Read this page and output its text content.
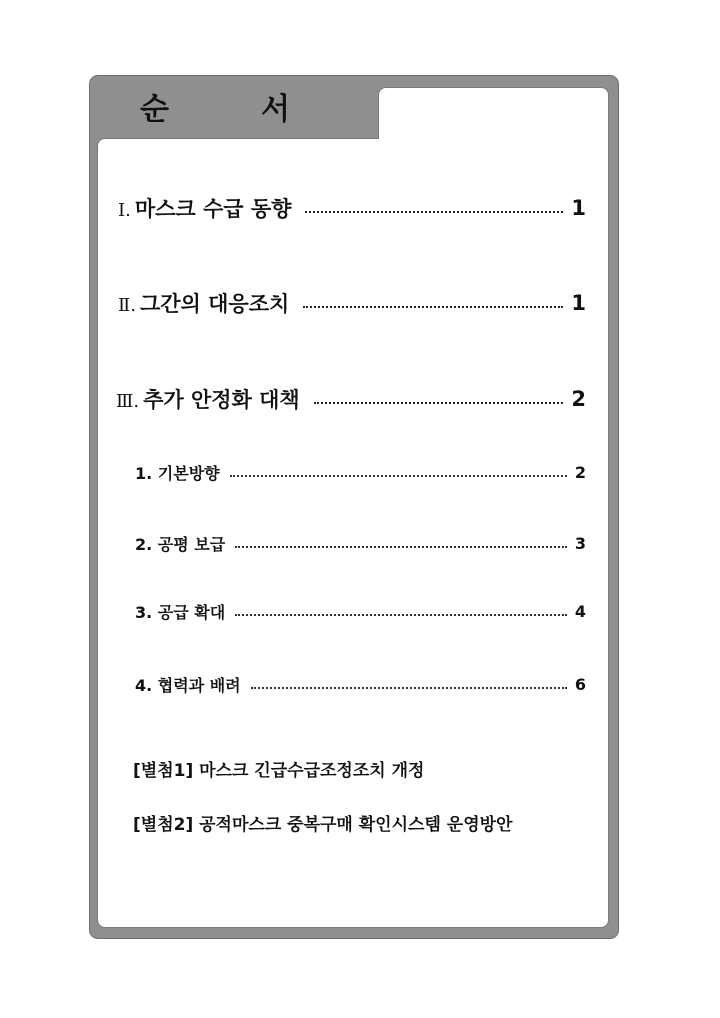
순	서
Ⅰ. 마스크 수급 동향	1
Ⅱ. 그간의 대응조치	1
Ⅲ. 추가 안정화 대책	2
1. 기본방향	2
2. 공평 보급	3
3. 공급 확대	4
4. 협력과 배려	6
[별첨1] 마스크 긴급수급조정조치 개정
[별첨2] 공적마스크 중복구매 확인시스템 운영방안
